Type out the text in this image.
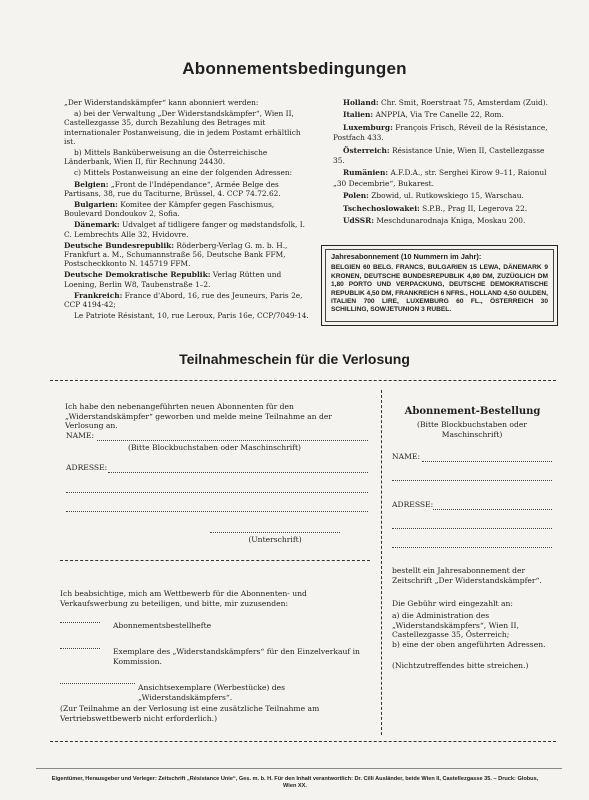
Abonnementsbedingungen

„Der Widerstandskämpfer“ kann abonniert werden:

a) bei der Verwaltung „Der Widerstandskämpfer“, Wien II, Castellezgasse 35, durch Bezahlung des Betrages mit internationaler Postanweisung, die in jedem Postamt erhältlich ist.

b) Mittels Banküberweisung an die Österreichische Länderbank, Wien II, für Rechnung 24430.

c) Mittels Postanweisung an eine der folgenden Adressen:

Belgien: „Front de l'Indépendance“, Armée Belge des Partisans, 38, rue du Taciturne, Brüssel, 4. CCP 74.72.62.

Bulgarien: Komitee der Kämpfer gegen Faschismus, Boulevard Dondoukov 2, Sofia.

Dänemark: Udvalget af tidligere fanger og mødstandsfolk, I. C. Lembrechts Alle 32, Hvidovre.

Deutsche Bundesrepublik: Röderberg-Verlag G. m. b. H., Frankfurt a. M., Schumannstraße 56, Deutsche Bank FFM, Postscheckkonto N. 145719 FFM.

Deutsche Demokratische Republik: Verlag Rütten und Loening, Berlin W8, Taubenstraße 1–2.

Frankreich: France d'Abord, 16, rue des Jeuneurs, Paris 2e, CCP 4194-42;

Le Patriote Résistant, 10, rue Leroux, Paris 16e, CCP/7049-14.

Holland: Chr. Smit, Roerstraat 75, Amsterdam (Zuid).

Italien: ANPPIA, Via Tre Canelle 22, Rom.

Luxemburg: François Frisch, Réveil de la Résistance, Postfach 433.

Österreich: Résistance Unie, Wien II, Castellezgasse 35.

Rumänien: A.F.D.A., str. Serghei Kirow 9–11, Raionul „30 Decembrie“, Bukarest.

Polen: Zbowid, ul. Rutkowskiego 15, Warschau.

Tschechoslowakei: S.P.B., Prag II, Legerova 22.

UdSSR: Meschdunarodnaja Kniga, Moskau 200.

Jahresabonnement (10 Nummern im Jahr):
BELGIEN 60 BELG. FRANCS, BULGARIEN 15 LEWA, DÄNEMARK 9 KRONEN, DEUTSCHE BUNDESREPUBLIK 4,80 DM, ZUZÜGLICH DM 1,80 PORTO UND VERPACKUNG, DEUTSCHE DEMOKRATISCHE REPUBLIK 4,50 DM, FRANKREICH 6 NFRS., HOLLAND 4,50 GULDEN, ITALIEN 700 LIRE, LUXEMBURG 60 FL., ÖSTERREICH 30 SCHILLING, SOWJETUNION 3 RUBEL.
Teilnahmeschein für die Verlosung
Ich habe den nebenangeführten neuen Abonnenten für den „Widerstandskämpfer“ geworben und melde meine Teilnahme an der Verlosung an.
NAME:
(Bitte Blockbuchstaben oder Maschinschrift)
ADRESSE:
(Unterschrift)
Ich beabsichtige, mich am Wettbewerb für die Abonnenten- und Verkaufswerbung zu beteiligen, und bitte, mir zuzusenden:
Abonnementsbestellhefte
Exemplare des „Widerstandskämpfers“ für den Einzelverkauf in Kommission.
Ansichtsexemplare (Werbestücke) des „Widerstandskämpfers“.
(Zur Teilnahme an der Verlosung ist eine zusätzliche Teilnahme am Vertriebswettbewerb nicht erforderlich.)
Abonnement-Bestellung
(Bitte Blockbuchstaben oder Maschinschrift)
NAME:
ADRESSE:
bestellt ein Jahresabonnement der Zeitschrift „Der Widerstandskämpfer“.
Die Gebühr wird eingezahlt an:
a) die Administration des „Widerstandskämpfers“, Wien II, Castellezgasse 35, Österreich;
b) eine der oben angeführten Adressen.
(Nichtzutreffendes bitte streichen.)
Eigentümer, Herausgeber und Verleger: Zeitschrift „Résistance Unie“, Ges. m. b. H. Für den Inhalt verantwortlich: Dr. Cilli Ausländer, beide Wien II, Castellezgasse 35. – Druck: Globus, Wien XX.
